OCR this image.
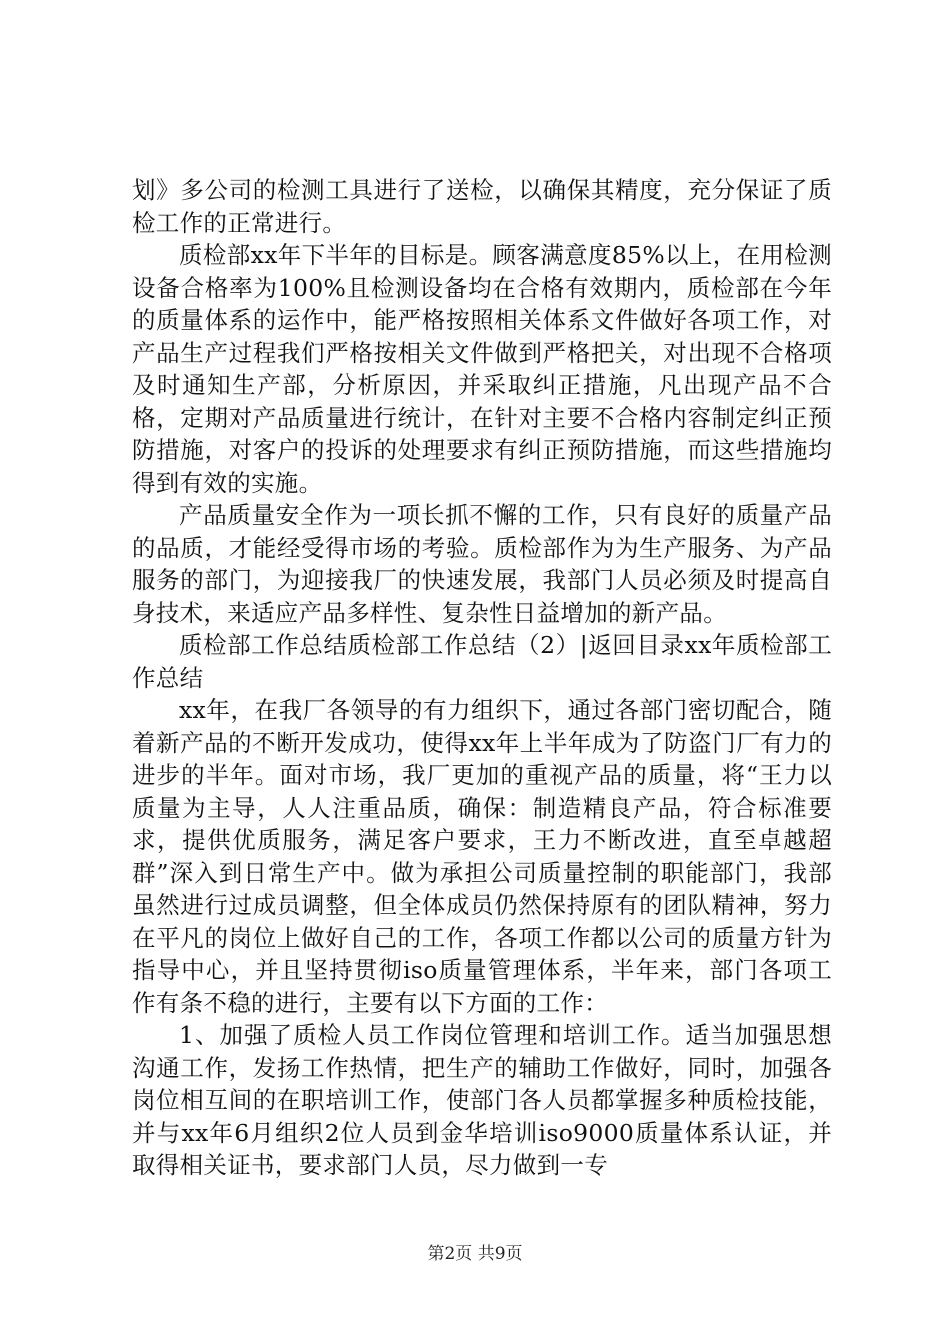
划》多公司的检测工具进行了送检，以确保其精度，充分保证了质检工作的正常进行。

质检部xx年下半年的目标是。顾客满意度85%以上，在用检测设备合格率为100%且检测设备均在合格有效期内，质检部在今年的质量体系的运作中，能严格按照相关体系文件做好各项工作，对产品生产过程我们严格按相关文件做到严格把关，对出现不合格项及时通知生产部，分析原因，并采取纠正措施，凡出现产品不合格，定期对产品质量进行统计，在针对主要不合格内容制定纠正预防措施，对客户的投诉的处理要求有纠正预防措施，而这些措施均得到有效的实施。

产品质量安全作为一项长抓不懈的工作，只有良好的质量产品的品质，才能经受得市场的考验。质检部作为为生产服务、为产品服务的部门，为迎接我厂的快速发展，我部门人员必须及时提高自身技术，来适应产品多样性、复杂性日益增加的新产品。

质检部工作总结质检部工作总结（2）|返回目录xx年质检部工作总结

xx年，在我厂各领导的有力组织下，通过各部门密切配合，随着新产品的不断开发成功，使得xx年上半年成为了防盗门厂有力的进步的半年。面对市场，我厂更加的重视产品的质量，将“王力以质量为主导，人人注重品质，确保：制造精良产品，符合标准要求，提供优质服务，满足客户要求，王力不断改进，直至卓越超群”深入到日常生产中。做为承担公司质量控制的职能部门，我部虽然进行过成员调整，但全体成员仍然保持原有的团队精神，努力在平凡的岗位上做好自己的工作，各项工作都以公司的质量方针为指导中心，并且坚持贯彻iso质量管理体系，半年来，部门各项工作有条不稳的进行，主要有以下方面的工作：

1、加强了质检人员工作岗位管理和培训工作。适当加强思想沟通工作，发扬工作热情，把生产的辅助工作做好，同时，加强各岗位相互间的在职培训工作，使部门各人员都掌握多种质检技能，并与xx年6月组织2位人员到金华培训iso9000质量体系认证，并取得相关证书，要求部门人员，尽力做到一专

第2页 共9页
